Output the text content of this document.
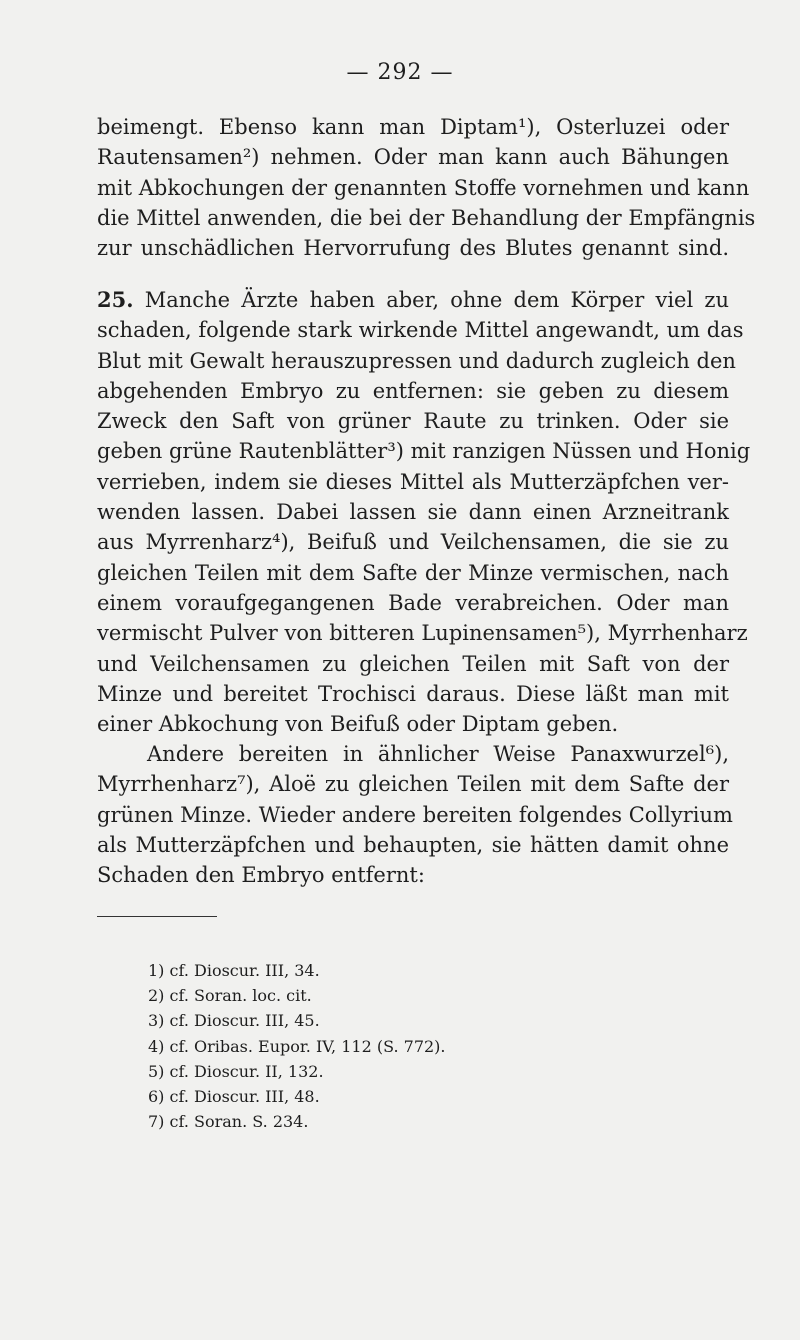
— 292 —
beimengt. Ebenso kann man Diptam¹), Osterluzei oder
Rautensamen²) nehmen. Oder man kann auch Bähungen
mit Abkochungen der genannten Stoffe vornehmen und kann
die Mittel anwenden, die bei der Behandlung der Empfängnis
zur unschädlichen Hervorrufung des Blutes genannt sind.
25. Manche Ärzte haben aber, ohne dem Körper viel zu
schaden, folgende stark wirkende Mittel angewandt, um das
Blut mit Gewalt herauszupressen und dadurch zugleich den
abgehenden Embryo zu entfernen: sie geben zu diesem
Zweck den Saft von grüner Raute zu trinken. Oder sie
geben grüne Rautenblätter³) mit ranzigen Nüssen und Honig
verrieben, indem sie dieses Mittel als Mutterzäpfchen ver-
wenden lassen. Dabei lassen sie dann einen Arzneitrank
aus Myrrenharz⁴), Beifuß und Veilchensamen, die sie zu
gleichen Teilen mit dem Safte der Minze vermischen, nach
einem voraufgegangenen Bade verabreichen. Oder man
vermischt Pulver von bitteren Lupinensamen⁵), Myrrhenharz
und Veilchensamen zu gleichen Teilen mit Saft von der
Minze und bereitet Trochisci daraus. Diese läßt man mit
einer Abkochung von Beifuß oder Diptam geben.
Andere bereiten in ähnlicher Weise Panaxwurzel⁶),
Myrrhenharz⁷), Aloë zu gleichen Teilen mit dem Safte der
grünen Minze. Wieder andere bereiten folgendes Collyrium
als Mutterzäpfchen und behaupten, sie hätten damit ohne
Schaden den Embryo entfernt:
1) cf. Dioscur. III, 34.
2) cf. Soran. loc. cit.
3) cf. Dioscur. III, 45.
4) cf. Oribas. Eupor. IV, 112 (S. 772).
5) cf. Dioscur. II, 132.
6) cf. Dioscur. III, 48.
7) cf. Soran. S. 234.
